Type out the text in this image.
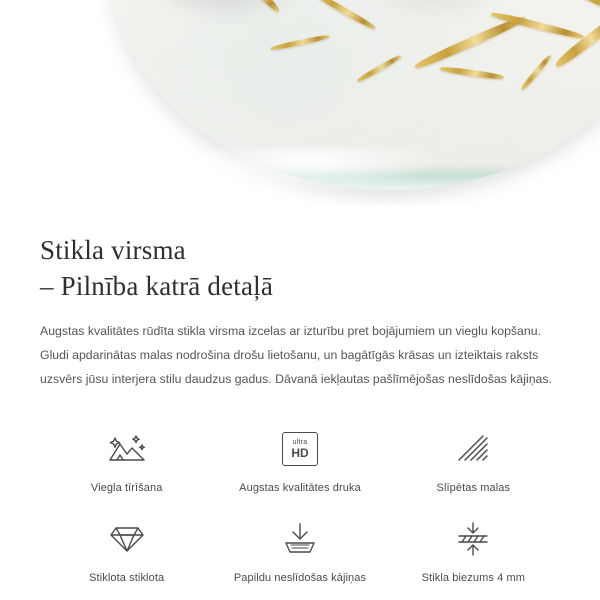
Stikla virsma
– Pilnība katrā detaļā

Augstas kvalitātes rūdīta stikla virsma izcelas ar izturību pret bojājumiem un vieglu kopšanu. Gludi apdarinātas malas nodrošina drošu lietošanu, un bagātīgās krāsas un izteiktais raksts uzsvērs jūsu interjera stilu daudzus gadus. Dāvanā iekļautas pašlīmējošas neslīdošas kājiņas.

Viegla tīrīšana
ultra
HD
Augstas kvalitātes druka	Slīpētas malas
Stiklota stiklota	Papildu neslīdošas kājiņas	Stikla biezums 4 mm
